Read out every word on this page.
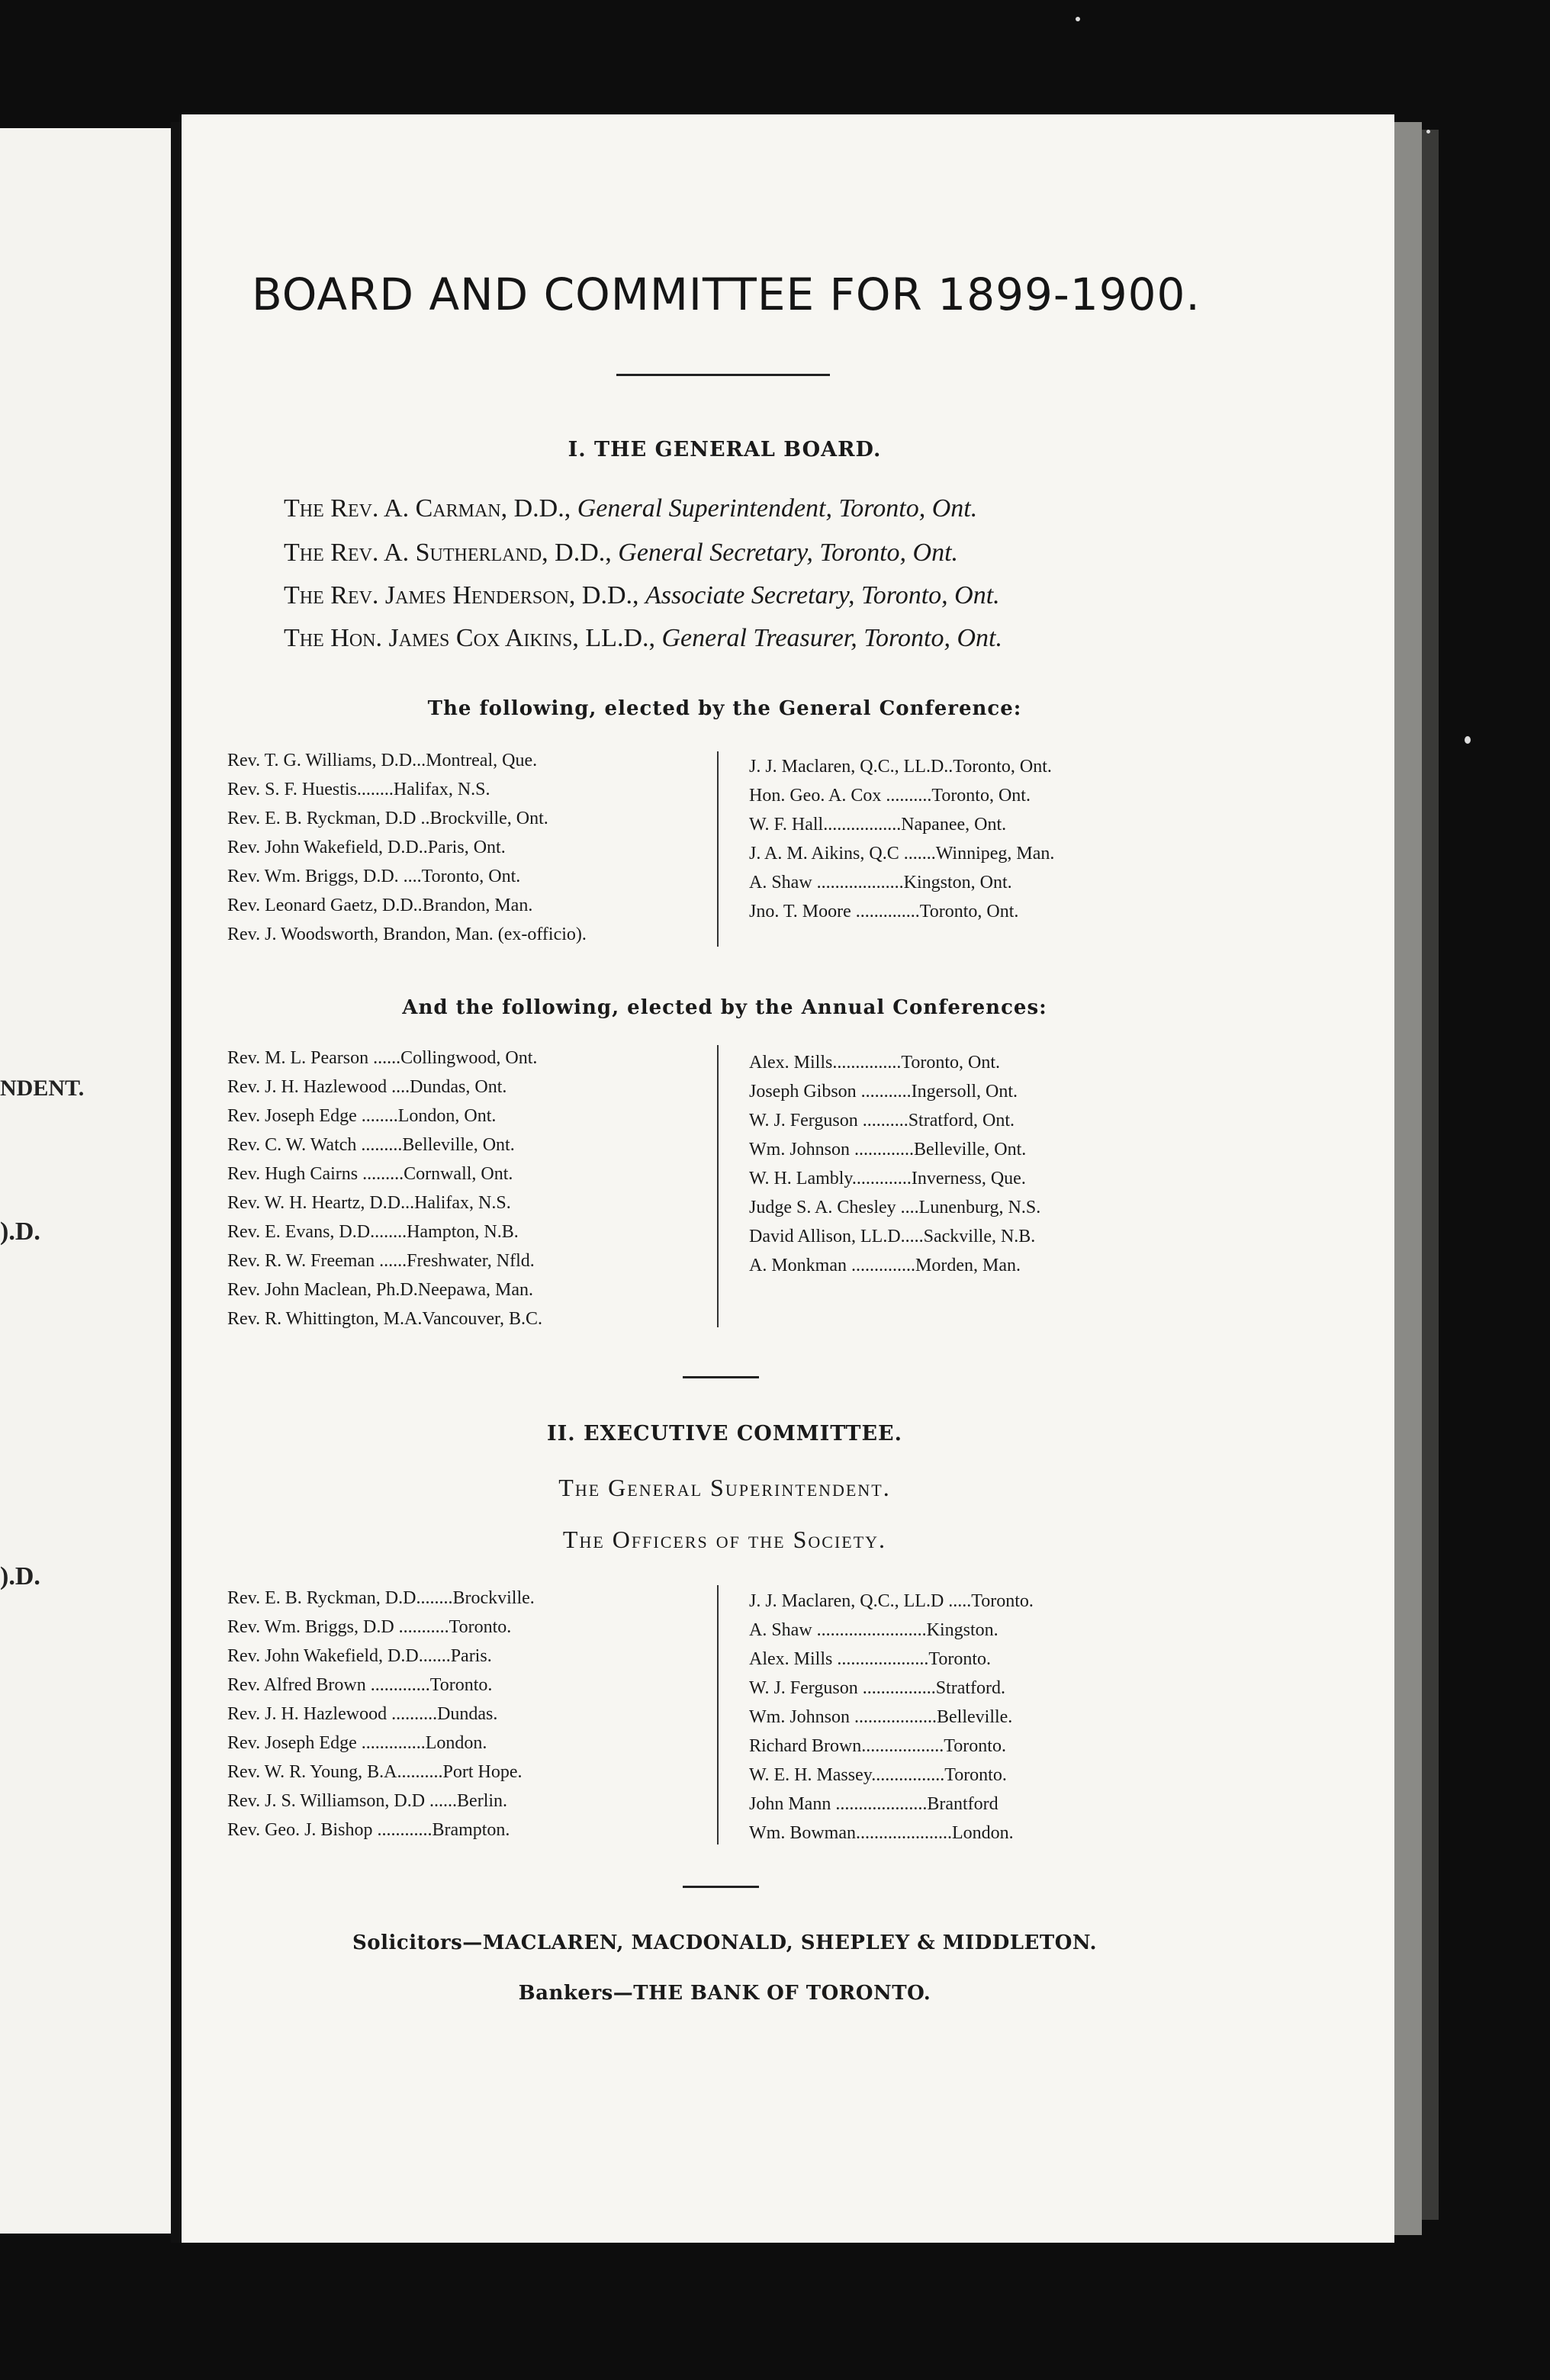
NDENT.
).D.
).D.
BOARD AND COMMITTEE FOR 1899-1900.
I. THE GENERAL BOARD.
The Rev. A. Carman, D.D., General Superintendent, Toronto, Ont.
The Rev. A. Sutherland, D.D., General Secretary, Toronto, Ont.
The Rev. James Henderson, D.D., Associate Secretary, Toronto, Ont.
The Hon. James Cox Aikins, LL.D., General Treasurer, Toronto, Ont.
The following, elected by the General Conference:
Rev. T. G. Williams, D.D...Montreal, Que.
Rev. S. F. Huestis........Halifax, N.S.
Rev. E. B. Ryckman, D.D ..Brockville, Ont.
Rev. John Wakefield, D.D..Paris, Ont.
Rev. Wm. Briggs, D.D. ....Toronto, Ont.
Rev. Leonard Gaetz, D.D..Brandon, Man.
Rev. J. Woodsworth, Brandon, Man. (ex-officio).
J. J. Maclaren, Q.C., LL.D..Toronto, Ont.
Hon. Geo. A. Cox ..........Toronto, Ont.
W. F. Hall.................Napanee, Ont.
J. A. M. Aikins, Q.C .......Winnipeg, Man.
A. Shaw ...................Kingston, Ont.
Jno. T. Moore ..............Toronto, Ont.
And the following, elected by the Annual Conferences:
Rev. M. L. Pearson ......Collingwood, Ont.
Rev. J. H. Hazlewood ....Dundas, Ont.
Rev. Joseph Edge ........London, Ont.
Rev. C. W. Watch .........Belleville, Ont.
Rev. Hugh Cairns .........Cornwall, Ont.
Rev. W. H. Heartz, D.D...Halifax, N.S.
Rev. E. Evans, D.D........Hampton, N.B.
Rev. R. W. Freeman ......Freshwater, Nfld.
Rev. John Maclean, Ph.D.Neepawa, Man.
Rev. R. Whittington, M.A.Vancouver, B.C.
Alex. Mills...............Toronto, Ont.
Joseph Gibson ...........Ingersoll, Ont.
W. J. Ferguson ..........Stratford, Ont.
Wm. Johnson .............Belleville, Ont.
W. H. Lambly.............Inverness, Que.
Judge S. A. Chesley ....Lunenburg, N.S.
David Allison, LL.D.....Sackville, N.B.
A. Monkman ..............Morden, Man.
II. EXECUTIVE COMMITTEE.
The General Superintendent.
The Officers of the Society.
Rev. E. B. Ryckman, D.D........Brockville.
Rev. Wm. Briggs, D.D ...........Toronto.
Rev. John Wakefield, D.D.......Paris.
Rev. Alfred Brown .............Toronto.
Rev. J. H. Hazlewood ..........Dundas.
Rev. Joseph Edge ..............London.
Rev. W. R. Young, B.A..........Port Hope.
Rev. J. S. Williamson, D.D ......Berlin.
Rev. Geo. J. Bishop ............Brampton.
J. J. Maclaren, Q.C., LL.D .....Toronto.
A. Shaw ........................Kingston.
Alex. Mills ....................Toronto.
W. J. Ferguson ................Stratford.
Wm. Johnson ..................Belleville.
Richard Brown..................Toronto.
W. E. H. Massey................Toronto.
John Mann ....................Brantford
Wm. Bowman.....................London.
Solicitors—MACLAREN, MACDONALD, SHEPLEY & MIDDLETON.
Bankers—THE BANK OF TORONTO.
